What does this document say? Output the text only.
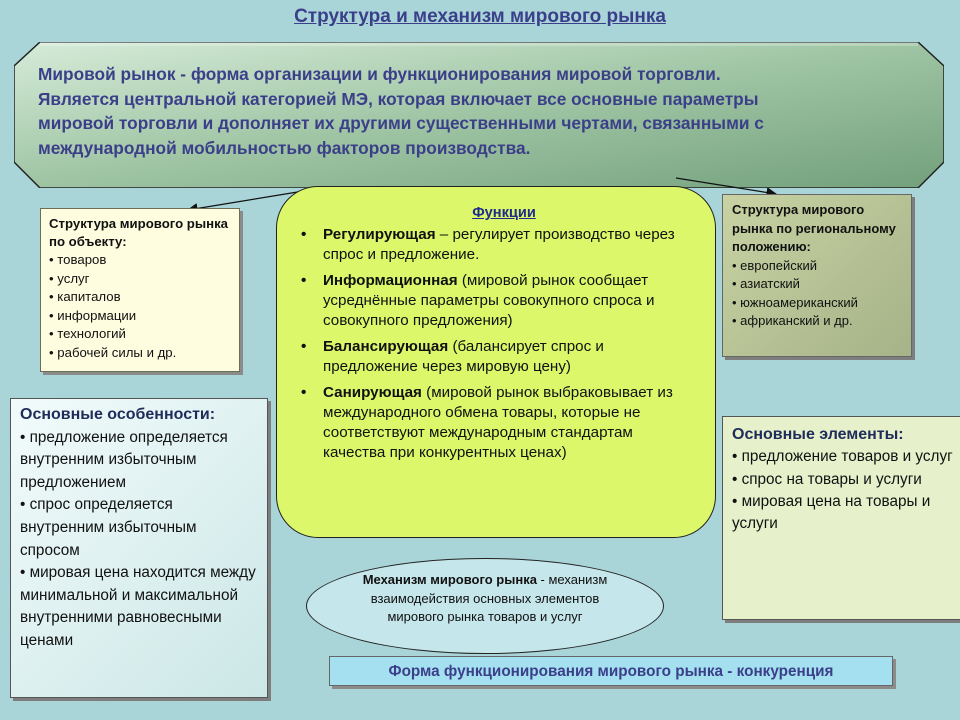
Структура и механизм мирового рынка
Мировой рынок - форма организации и функционирования мировой торговли.
Является центральной категорией МЭ, которая включает все основные параметры
мировой торговли и дополняет их другими существенными чертами, связанными с
международной мобильностью факторов производства.
Структура мирового рынка по объекту:
• товаров
• услуг
• капиталов
• информации
• технологий
• рабочей силы и др.
Структура мирового рынка по региональному положению:
• европейский
• азиатский
• южноамериканский
• африканский и др.
Функции
• Регулирующая – регулирует производство через спрос и предложение.
• Информационная (мировой рынок сообщает усреднённые параметры совокупного спроса и совокупного предложения)
• Балансирующая (балансирует спрос и предложение через мировую цену)
• Санирующая (мировой рынок выбраковывает из международного обмена товары, которые не соответствуют международным стандартам качества при конкурентных ценах)
Основные особенности:
• предложение определяется внутренним избыточным предложением
• спрос определяется внутренним избыточным спросом
• мировая цена находится между минимальной и максимальной внутренними равновесными ценами
Основные элементы:
• предложение товаров и услуг
• спрос на товары и услуги
• мировая цена на товары и услуги
Механизм мирового рынка - механизм взаимодействия основных элементов мирового рынка товаров и услуг
Форма функционирования мирового рынка - конкуренция
